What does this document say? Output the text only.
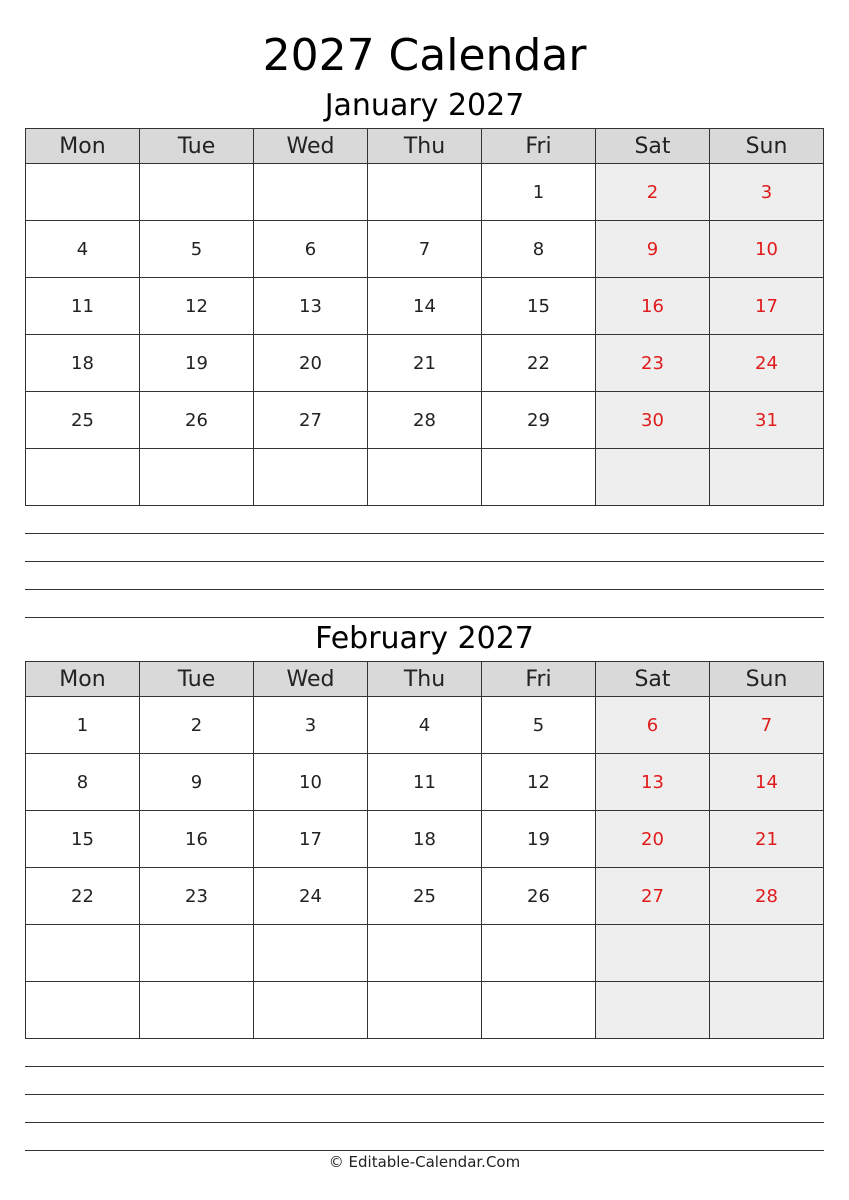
2027 Calendar
January 2027
Mon	Tue	Wed	Thu	Fri	Sat	Sun
				1	2	3
4	5	6	7	8	9	10
11	12	13	14	15	16	17
18	19	20	21	22	23	24
25	26	27	28	29	30	31

February 2027
Mon	Tue	Wed	Thu	Fri	Sat	Sun
1	2	3	4	5	6	7
8	9	10	11	12	13	14
15	16	17	18	19	20	21
22	23	24	25	26	27	28

© Editable-Calendar.Com
